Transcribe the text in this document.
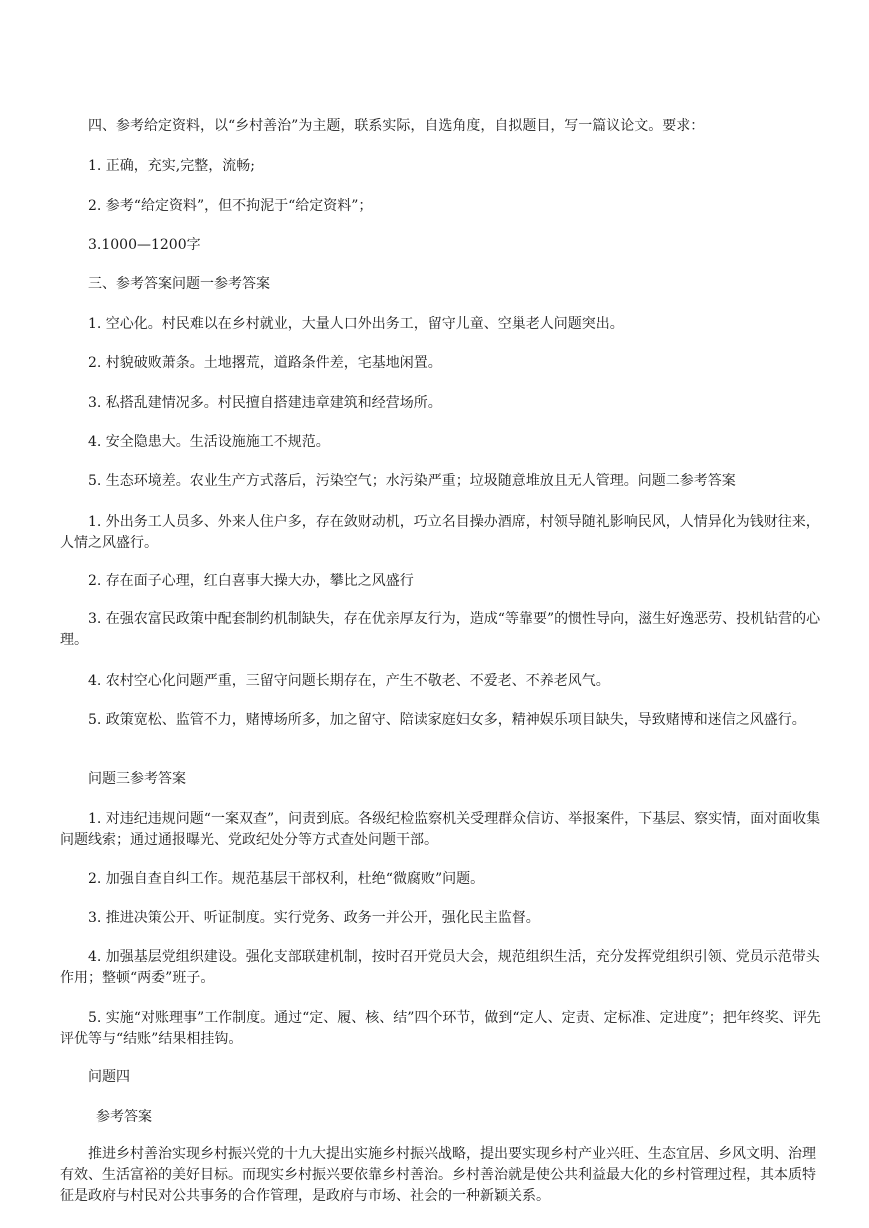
四、参考给定资料，以“乡村善治”为主题，联系实际，自选角度，自拟题目，写一篇议论文。要求：
1. 正确，充实,完整，流畅;
2. 参考“给定资料”，但不拘泥于“给定资料”；
3.1000—1200字
三、参考答案问题一参考答案
1. 空心化。村民难以在乡村就业，大量人口外出务工，留守儿童、空巢老人问题突出。
2. 村貌破败萧条。土地撂荒，道路条件差，宅基地闲置。
3. 私搭乱建情况多。村民擅自搭建违章建筑和经营场所。
4. 安全隐患大。生活设施施工不规范。
5. 生态环境差。农业生产方式落后，污染空气；水污染严重；垃圾随意堆放且无人管理。问题二参考答案
1. 外出务工人员多、外来人住户多，存在敛财动机，巧立名目操办酒席，村领导随礼影响民风，人情异化为钱财往来，人情之风盛行。
2. 存在面子心理，红白喜事大操大办，攀比之风盛行
3. 在强农富民政策中配套制约机制缺失，存在优亲厚友行为，造成“等靠要”的惯性导向，滋生好逸恶劳、投机钻营的心理。
4. 农村空心化问题严重，三留守问题长期存在，产生不敬老、不爱老、不养老风气。
5. 政策宽松、监管不力，赌博场所多，加之留守、陪读家庭妇女多，精神娱乐项目缺失，导致赌博和迷信之风盛行。
问题三参考答案
1. 对违纪违规问题“一案双查”，问责到底。各级纪检监察机关受理群众信访、举报案件，下基层、察实情，面对面收集问题线索；通过通报曝光、党政纪处分等方式查处问题干部。
2. 加强自查自纠工作。规范基层干部权利，杜绝“微腐败”问题。
3. 推进决策公开、听证制度。实行党务、政务一并公开，强化民主监督。
4. 加强基层党组织建设。强化支部联建机制，按时召开党员大会，规范组织生活，充分发挥党组织引领、党员示范带头作用；整顿“两委”班子。
5. 实施“对账理事”工作制度。通过“定、履、核、结”四个环节，做到“定人、定责、定标准、定进度”；把年终奖、评先评优等与“结账”结果相挂钩。
问题四
参考答案
推进乡村善治实现乡村振兴党的十九大提出实施乡村振兴战略，提出要实现乡村产业兴旺、生态宜居、乡风文明、治理有效、生活富裕的美好目标。而现实乡村振兴要依靠乡村善治。乡村善治就是使公共利益最大化的乡村管理过程，其本质特征是政府与村民对公共事务的合作管理，是政府与市场、社会的一种新颖关系。
